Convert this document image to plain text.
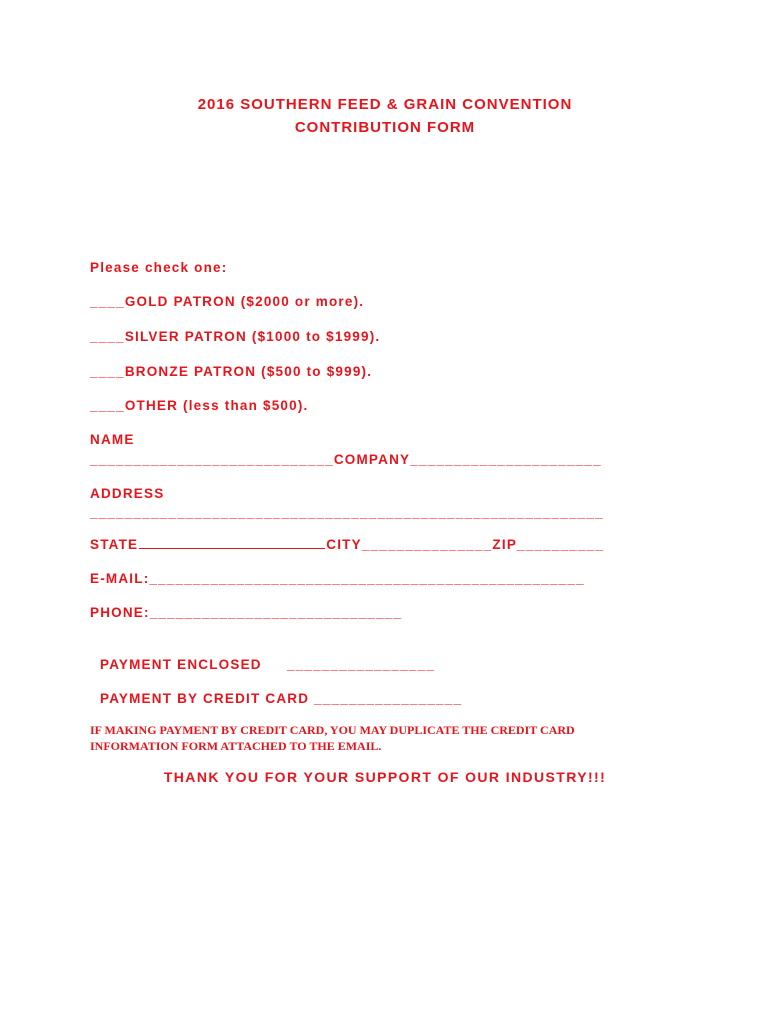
2016 SOUTHERN FEED & GRAIN CONVENTION
CONTRIBUTION FORM
Please check one:
____GOLD PATRON ($2000 or more).
____SILVER PATRON ($1000 to $1999).
____BRONZE PATRON ($500 to $999).
____OTHER (less than $500).
NAME
____________________________COMPANY______________________
ADDRESS
___________________________________________________________
STATE	CITY_______________ZIP__________
E-MAIL:__________________________________________________
PHONE:_____________________________
PAYMENT ENCLOSED _________________
PAYMENT BY CREDIT CARD _________________
IF MAKING PAYMENT BY CREDIT CARD, YOU MAY DUPLICATE THE CREDIT CARD INFORMATION FORM ATTACHED TO THE EMAIL.
THANK YOU FOR YOUR SUPPORT OF OUR INDUSTRY!!!
